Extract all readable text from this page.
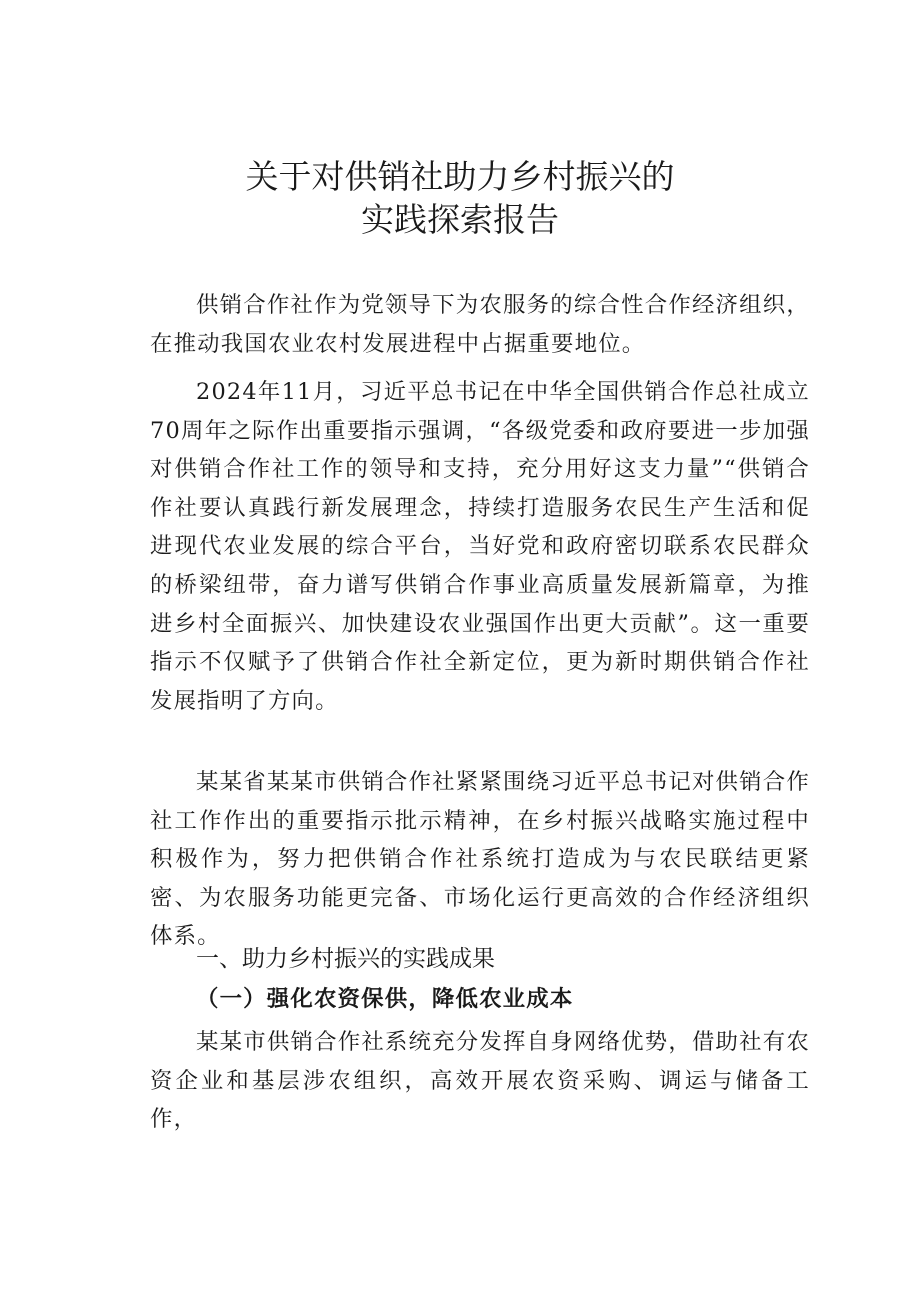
关于对供销社助力乡村振兴的
实践探索报告

供销合作社作为党领导下为农服务的综合性合作经济组织，在推动我国农业农村发展进程中占据重要地位。

2024年11月，习近平总书记在中华全国供销合作总社成立70周年之际作出重要指示强调，“各级党委和政府要进一步加强对供销合作社工作的领导和支持，充分用好这支力量”“供销合作社要认真践行新发展理念，持续打造服务农民生产生活和促进现代农业发展的综合平台，当好党和政府密切联系农民群众的桥梁纽带，奋力谱写供销合作事业高质量发展新篇章，为推进乡村全面振兴、加快建设农业强国作出更大贡献”。这一重要指示不仅赋予了供销合作社全新定位，更为新时期供销合作社发展指明了方向。

某某省某某市供销合作社紧紧围绕习近平总书记对供销合作社工作作出的重要指示批示精神，在乡村振兴战略实施过程中积极作为，努力把供销合作社系统打造成为与农民联结更紧密、为农服务功能更完备、市场化运行更高效的合作经济组织体系。

一、助力乡村振兴的实践成果
（一）强化农资保供，降低农业成本

某某市供销合作社系统充分发挥自身网络优势，借助社有农资企业和基层涉农组织，高效开展农资采购、调运与储备工作，
